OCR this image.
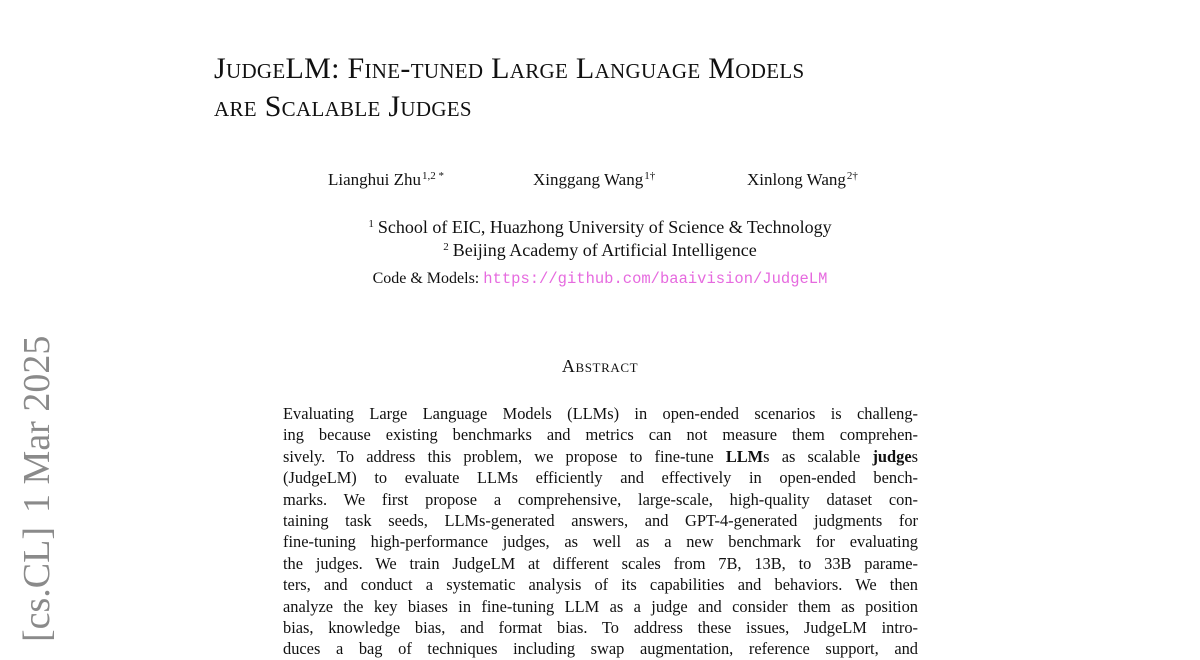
[cs.CL]1 Mar 2025
JudgeLM: Fine-tuned Large Language Models
are Scalable Judges
Lianghui Zhu$^{1,2 *}$	Xinggang Wang$^{1\dagger}$	Xinlong Wang$^{2\dagger}$
$^1$ School of EIC, Huazhong University of Science & Technology
$^2$ Beijing Academy of Artificial Intelligence
Code & Models: https://github.com/baaivision/JudgeLM
Abstract
Evaluating Large Language Models (LLMs) in open-ended scenarios is challeng-
ing because existing benchmarks and metrics can not measure them comprehen-
sively. To address this problem, we propose to fine-tune LLMs as scalable judges
(JudgeLM) to evaluate LLMs efficiently and effectively in open-ended bench-
marks. We first propose a comprehensive, large-scale, high-quality dataset con-
taining task seeds, LLMs-generated answers, and GPT-4-generated judgments for
fine-tuning high-performance judges, as well as a new benchmark for evaluating
the judges. We train JudgeLM at different scales from 7B, 13B, to 33B parame-
ters, and conduct a systematic analysis of its capabilities and behaviors. We then
analyze the key biases in fine-tuning LLM as a judge and consider them as position
bias, knowledge bias, and format bias. To address these issues, JudgeLM intro-
duces a bag of techniques including swap augmentation, reference support, and
